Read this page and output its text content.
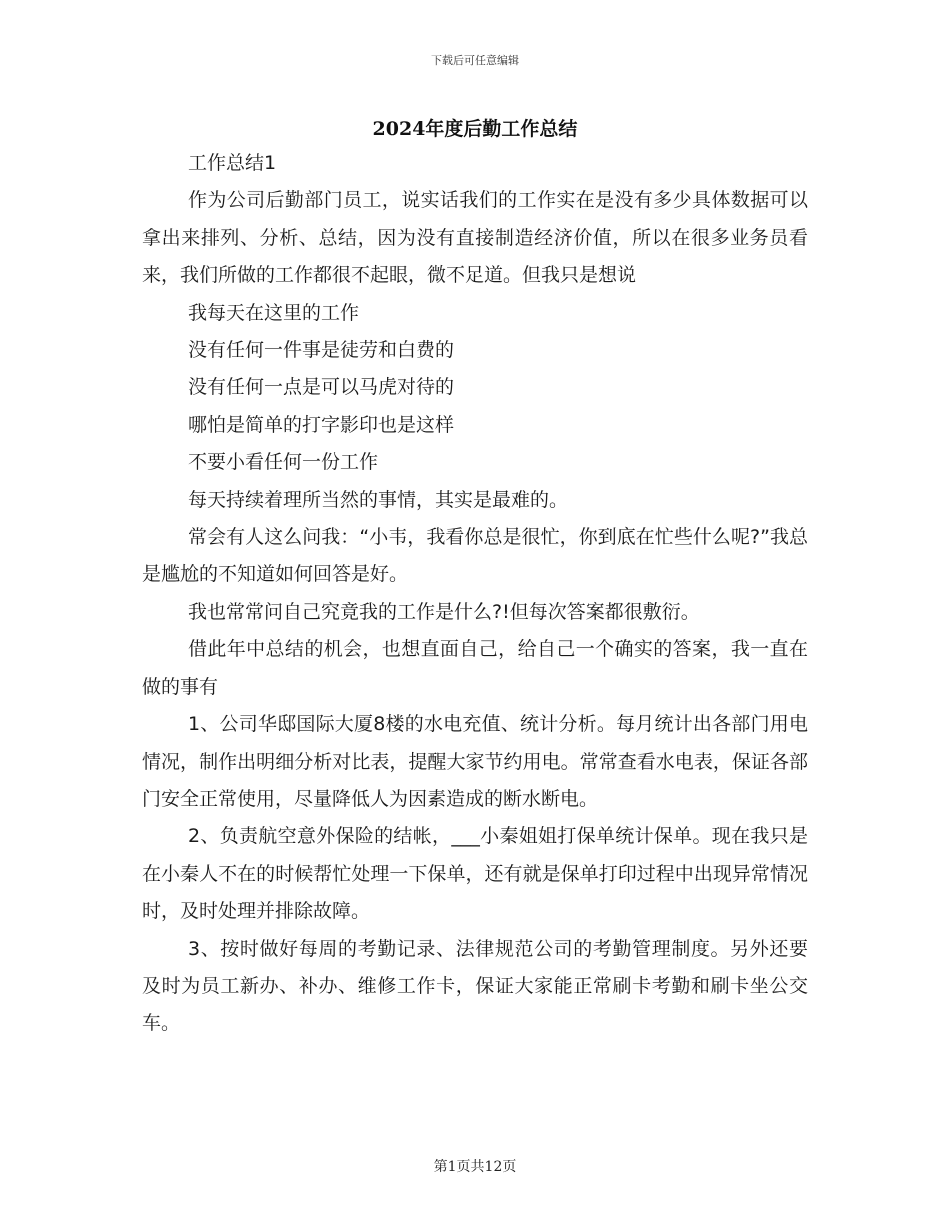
下载后可任意编辑
2024年度后勤工作总结

工作总结1

作为公司后勤部门员工，说实话我们的工作实在是没有多少具体数据可以拿出来排列、分析、总结，因为没有直接制造经济价值，所以在很多业务员看来，我们所做的工作都很不起眼，微不足道。但我只是想说

我每天在这里的工作

没有任何一件事是徒劳和白费的

没有任何一点是可以马虎对待的

哪怕是简单的打字影印也是这样

不要小看任何一份工作

每天持续着理所当然的事情，其实是最难的。

常会有人这么问我：“小韦，我看你总是很忙，你到底在忙些什么呢?”我总是尴尬的不知道如何回答是好。

我也常常问自己究竟我的工作是什么?!但每次答案都很敷衍。

借此年中总结的机会，也想直面自己，给自己一个确实的答案，我一直在做的事有

1、公司华邸国际大厦8楼的水电充值、统计分析。每月统计出各部门用电情况，制作出明细分析对比表，提醒大家节约用电。常常查看水电表，保证各部门安全正常使用，尽量降低人为因素造成的断水断电。

2、负责航空意外保险的结帐，___小秦姐姐打保单统计保单。现在我只是在小秦人不在的时候帮忙处理一下保单，还有就是保单打印过程中出现异常情况时，及时处理并排除故障。

3、按时做好每周的考勤记录、法律规范公司的考勤管理制度。另外还要及时为员工新办、补办、维修工作卡，保证大家能正常刷卡考勤和刷卡坐公交车。

第1页共12页
